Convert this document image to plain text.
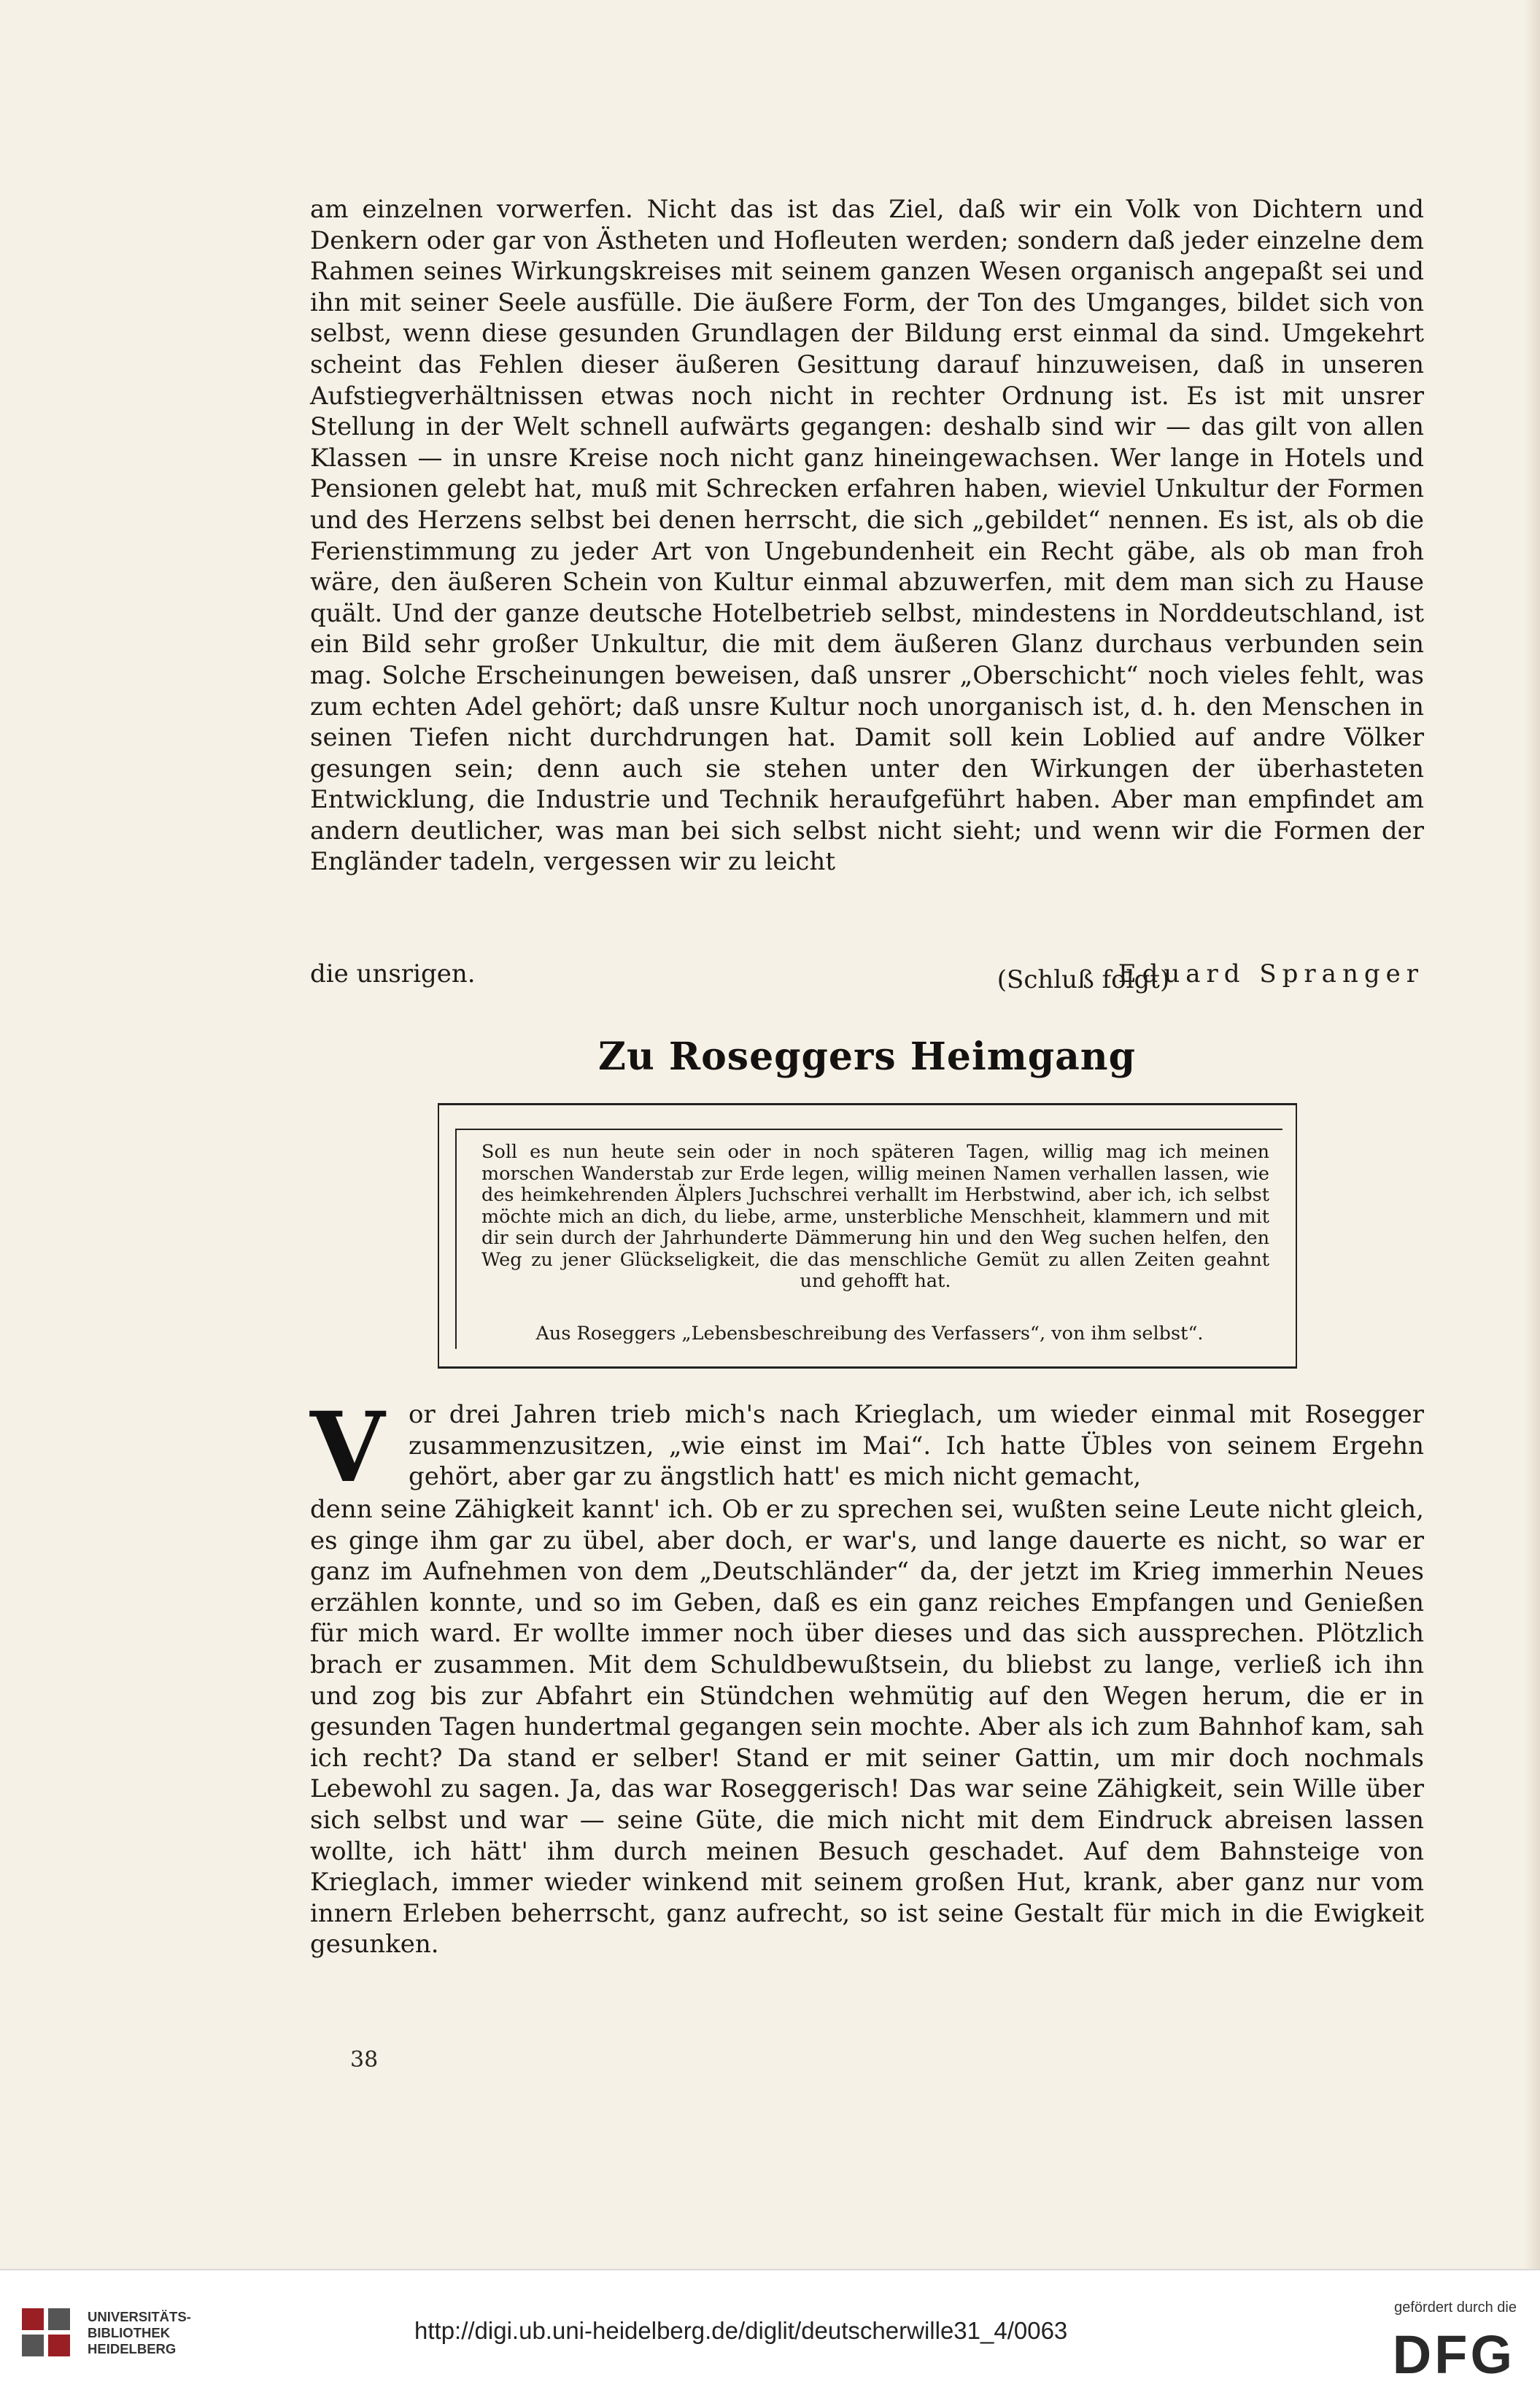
am einzelnen vorwerfen. Nicht das ist das Ziel, daß wir ein Volk von Dichtern und Denkern oder gar von Ästheten und Hofleuten werden; sondern daß jeder einzelne dem Rahmen seines Wirkungskreises mit seinem ganzen Wesen organisch angepaßt sei und ihn mit seiner Seele ausfülle. Die äußere Form, der Ton des Umganges, bildet sich von selbst, wenn diese gesunden Grundlagen der Bildung erst einmal da sind. Umgekehrt scheint das Fehlen dieser äußeren Gesittung darauf hinzuweisen, daß in unseren Aufstiegverhältnissen etwas noch nicht in rechter Ordnung ist. Es ist mit unsrer Stellung in der Welt schnell aufwärts gegangen: deshalb sind wir — das gilt von allen Klassen — in unsre Kreise noch nicht ganz hineingewachsen. Wer lange in Hotels und Pensionen gelebt hat, muß mit Schrecken erfahren haben, wieviel Unkultur der Formen und des Herzens selbst bei denen herrscht, die sich „gebildet“ nennen. Es ist, als ob die Ferienstimmung zu jeder Art von Ungebundenheit ein Recht gäbe, als ob man froh wäre, den äußeren Schein von Kultur einmal abzuwerfen, mit dem man sich zu Hause quält. Und der ganze deutsche Hotelbetrieb selbst, mindestens in Norddeutschland, ist ein Bild sehr großer Unkultur, die mit dem äußeren Glanz durchaus verbunden sein mag. Solche Erscheinungen beweisen, daß unsrer „Oberschicht“ noch vieles fehlt, was zum echten Adel gehört; daß unsre Kultur noch unorganisch ist, d. h. den Menschen in seinen Tiefen nicht durchdrungen hat. Damit soll kein Loblied auf andre Völker gesungen sein; denn auch sie stehen unter den Wirkungen der überhasteten Entwicklung, die Industrie und Technik heraufgeführt haben. Aber man empfindet am andern deutlicher, was man bei sich selbst nicht sieht; und wenn wir die Formen der Engländer tadeln, vergessen wir zu leicht

die unsrigen.	(Schluß folgt)
Eduard Spranger
Zu Roseggers Heimgang

Soll es nun heute sein oder in noch späteren Tagen, willig mag ich meinen morschen Wanderstab zur Erde legen, willig meinen Namen verhallen lassen, wie des heimkehrenden Älplers Juchschrei verhallt im Herbstwind, aber ich, ich selbst möchte mich an dich, du liebe, arme, unsterbliche Menschheit, klammern und mit dir sein durch der Jahrhunderte Dämmerung hin und den Weg suchen helfen, den Weg zu jener Glückseligkeit, die das menschliche Gemüt zu allen Zeiten geahnt und gehofft hat.

Aus Roseggers „Lebensbeschreibung des Verfassers“, von ihm selbst“.
V or drei Jahren trieb mich's nach Krieglach, um wieder einmal mit Rosegger zusammenzusitzen, „wie einst im Mai“. Ich hatte Übles von seinem Ergehn gehört, aber gar zu ängstlich hatt' es mich nicht gemacht,

denn seine Zähigkeit kannt' ich. Ob er zu sprechen sei, wußten seine Leute nicht gleich, es ginge ihm gar zu übel, aber doch, er war's, und lange dauerte es nicht, so war er ganz im Aufnehmen von dem „Deutschländer“ da, der jetzt im Krieg immerhin Neues erzählen konnte, und so im Geben, daß es ein ganz reiches Empfangen und Genießen für mich ward. Er wollte immer noch über dieses und das sich aussprechen. Plötzlich brach er zusammen. Mit dem Schuldbewußtsein, du bliebst zu lange, verließ ich ihn und zog bis zur Abfahrt ein Stündchen wehmütig auf den Wegen herum, die er in gesunden Tagen hundertmal gegangen sein mochte. Aber als ich zum Bahnhof kam, sah ich recht? Da stand er selber! Stand er mit seiner Gattin, um mir doch nochmals Lebewohl zu sagen. Ja, das war Roseggerisch! Das war seine Zähigkeit, sein Wille über sich selbst und war — seine Güte, die mich nicht mit dem Eindruck abreisen lassen wollte, ich hätt' ihm durch meinen Besuch geschadet. Auf dem Bahnsteige von Krieglach, immer wieder winkend mit seinem großen Hut, krank, aber ganz nur vom innern Erleben beherrscht, ganz aufrecht, so ist seine Gestalt für mich in die Ewigkeit gesunken.

38
UNIVERSITÄTS-
BIBLIOTHEK
HEIDELBERG
http://digi.ub.uni-heidelberg.de/diglit/deutscherwille31_4/0063
gefördert durch die
DFG
